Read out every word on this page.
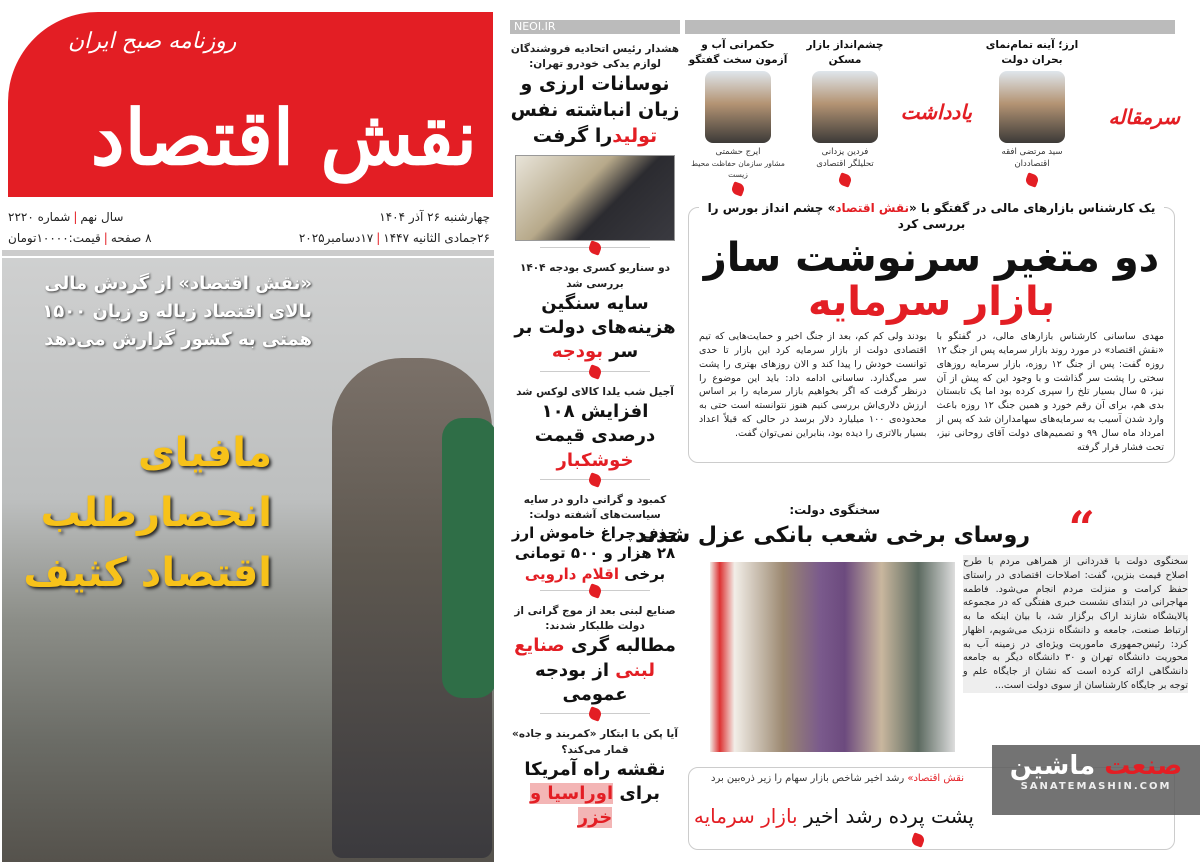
روزنامه صبح ایران
نقش اقتصاد
چهارشنبه ۲۶ آذر ۱۴۰۴
سال نهم|شماره ۲۲۲۰
۲۶جمادی الثانیه ۱۴۴۷|۱۷دسامبر۲۰۲۵
۸ صفحه|قیمت:۱۰۰۰۰تومان
«نقش اقتصاد» از گردش مالی بالای اقتصاد زباله و زیان ۱۵۰۰ همتی به کشور گزارش می‌دهد
مافیای
انحصارطلب
اقتصاد کثیف
NEOI.IR
هشدار رئیس اتحادیه فروشندگان لوازم یدکی خودرو تهران:
نوسانات ارزی و زیان انباشته نفس تولیدرا گرفت
دو سناریو کسری بودجه ۱۴۰۴ بررسی شد
سایه سنگین هزینه‌های دولت بر سر بودجه
آجیل شب یلدا کالای لوکس شد
افزایش ۱۰۸ درصدی قیمت خوشکبار
کمبود و گرانی دارو در سایه سیاست‌های آشفته دولت:
حذف چراغ خاموش ارز ۲۸ هزار و ۵۰۰ تومانی برخی اقلام دارویی
صنایع لبنی بعد از موج گرانی از دولت طلبکار شدند:
مطالبه گری صنایع لبنی از بودجه عمومی
آیا پکن با ابتکار «کمربند و جاده» قمار می‌کند؟
نقشه راه آمریکا برای اوراسیا و خزر
سرمقاله
یادداشت
ارز؛ آینه تمام‌نمای بحران دولت
سید مرتضی افقه
اقتصاددان
چشم‌انداز بازار مسکن
فردین یزدانی
تحلیلگر اقتصادی
حکمرانی آب و آزمون سخت گفتگو
ایرج حشمتی
مشاور سازمان حفاظت محیط زیست
یک کارشناس بازارهای مالی در گفتگو با «نقش اقتصاد» چشم انداز بورس را بررسی کرد
دو متغیر سرنوشت ساز
بازار سرمایه
مهدی ساسانی کارشناس بازارهای مالی، در گفتگو با «نقش اقتصاد» در مورد روند بازار سرمایه پس از جنگ ۱۲ روزه گفت: پس از جنگ ۱۲ روزه، بازار سرمایه روزهای سختی را پشت سر گذاشت و با وجود این که پیش از آن نیز، ۵ سال بسیار تلخ را سپری کرده بود اما یک تابستان بدی هم، برای آن رقم خورد و همین جنگ ۱۲ روزه باعث وارد شدن آسیب به سرمایه‌های سهامداران شد که پس از امرداد ماه سال ۹۹ و تصمیم‌های دولت آقای روحانی نیز، تحت فشار قرار گرفته
بودند ولی کم کم، بعد از جنگ اخیر و حمایت‌هایی که تیم اقتصادی دولت از بازار سرمایه کرد این بازار تا حدی توانست خودش را پیدا کند و الان روزهای بهتری را پشت سر می‌گذارد. ساسانی ادامه داد: باید این موضوع را درنظر گرفت که اگر بخواهیم بازار سرمایه را بر اساس ارزش دلاری‌اش بررسی کنیم هنوز نتوانسته است حتی به محدوده‌ی ۱۰۰ میلیارد دلار برسد در حالی که قبلاً اعداد بسیار بالاتری را دیده بود، بنابراین نمی‌توان گفت.
سخنگوی دولت:
روسای برخی شعب بانکی عزل شدند “
سخنگوی دولت با قدردانی از همراهی مردم با طرح اصلاح قیمت بنزین، گفت: اصلاحات اقتصادی در راستای حفظ کرامت و منزلت مردم انجام می‌شود. فاطمه مهاجرانی در ابتدای نشست خبری هفتگی که در مجموعه پالایشگاه شازند اراک برگزار شد، با بیان اینکه ما به ارتباط صنعت، جامعه و دانشگاه نزدیک می‌شویم، اظهار کرد: رئیس‌جمهوری ماموریت ویژه‌ای در زمینه آب به محوریت دانشگاه تهران و ۳۰ دانشگاه دیگر به جامعه دانشگاهی ارائه کرده است که نشان از جایگاه علم و توجه بر جایگاه کارشناسان از سوی دولت است...
نقش اقتصاد» رشد اخیر شاخص بازار سهام را زیر ذره‌بین برد
پشت پرده رشد اخیر بازار سرمایه
صنعت ماشین
SANATEMASHIN.COM
